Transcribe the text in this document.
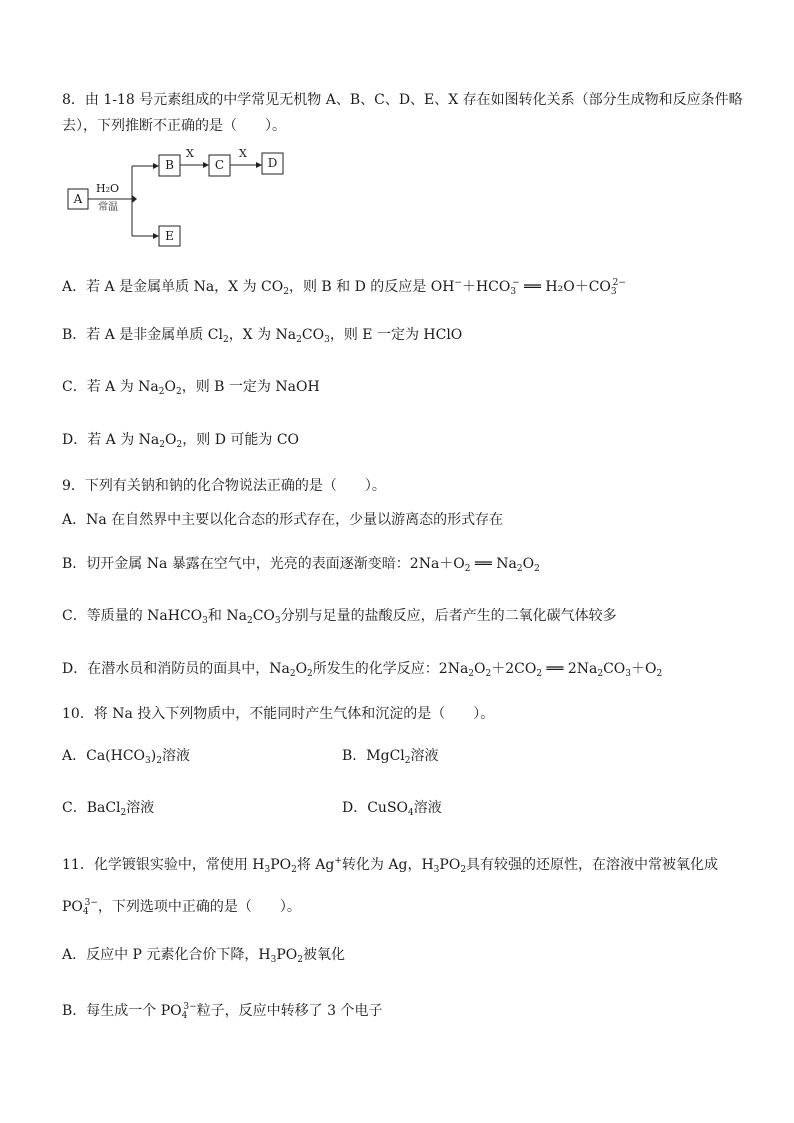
8．由 1-18 号元素组成的中学常见无机物 A、B、C、D、E、X 存在如图转化关系（部分生成物和反应条件略
去），下列推断不正确的是（　　）。
A
B	C	D
E
H₂O
常温
X	X
A．若 A 是金属单质 Na，X 为 $CO_2$，则 B 和 D 的反应是 $OH^-+HCO_3^-$ ══ $H_2O+CO_3^{2-}$
B．若 A 是非金属单质 $Cl_2$，X 为 $Na_2CO_3$，则 E 一定为 HClO
C．若 A 为 $Na_2O_2$，则 B 一定为 NaOH
D．若 A 为 $Na_2O_2$，则 D 可能为 CO
9．下列有关钠和钠的化合物说法正确的是（　　）。
A．Na 在自然界中主要以化合态的形式存在，少量以游离态的形式存在
B．切开金属 Na 暴露在空气中，光亮的表面逐渐变暗：$2Na+O_2$ ══ $Na_2O_2$
C．等质量的 NaHCO$_3$和 $Na_2CO_3$分别与足量的盐酸反应，后者产生的二氧化碳气体较多
D．在潜水员和消防员的面具中，$Na_2O_2$所发生的化学反应：$2Na_2O_2+2CO_2$ ══ $2Na_2CO_3+O_2$
10．将 Na 投入下列物质中，不能同时产生气体和沉淀的是（　　）。
A．$Ca(HCO_3)_2$溶液	B．MgCl$_2$溶液
C．BaCl$_2$溶液	D．CuSO$_4$溶液
11．化学镀银实验中，常使用 $H_3PO_2$将 Ag+转化为 Ag，$H_3PO_2$具有较强的还原性，在溶液中常被氧化成
$PO_4^{3-}$，下列选项中正确的是（　　）。
A．反应中 P 元素化合价下降，$H_3PO_2$被氧化
B．每生成一个 $PO_4^{3-}$粒子，反应中转移了 3 个电子
